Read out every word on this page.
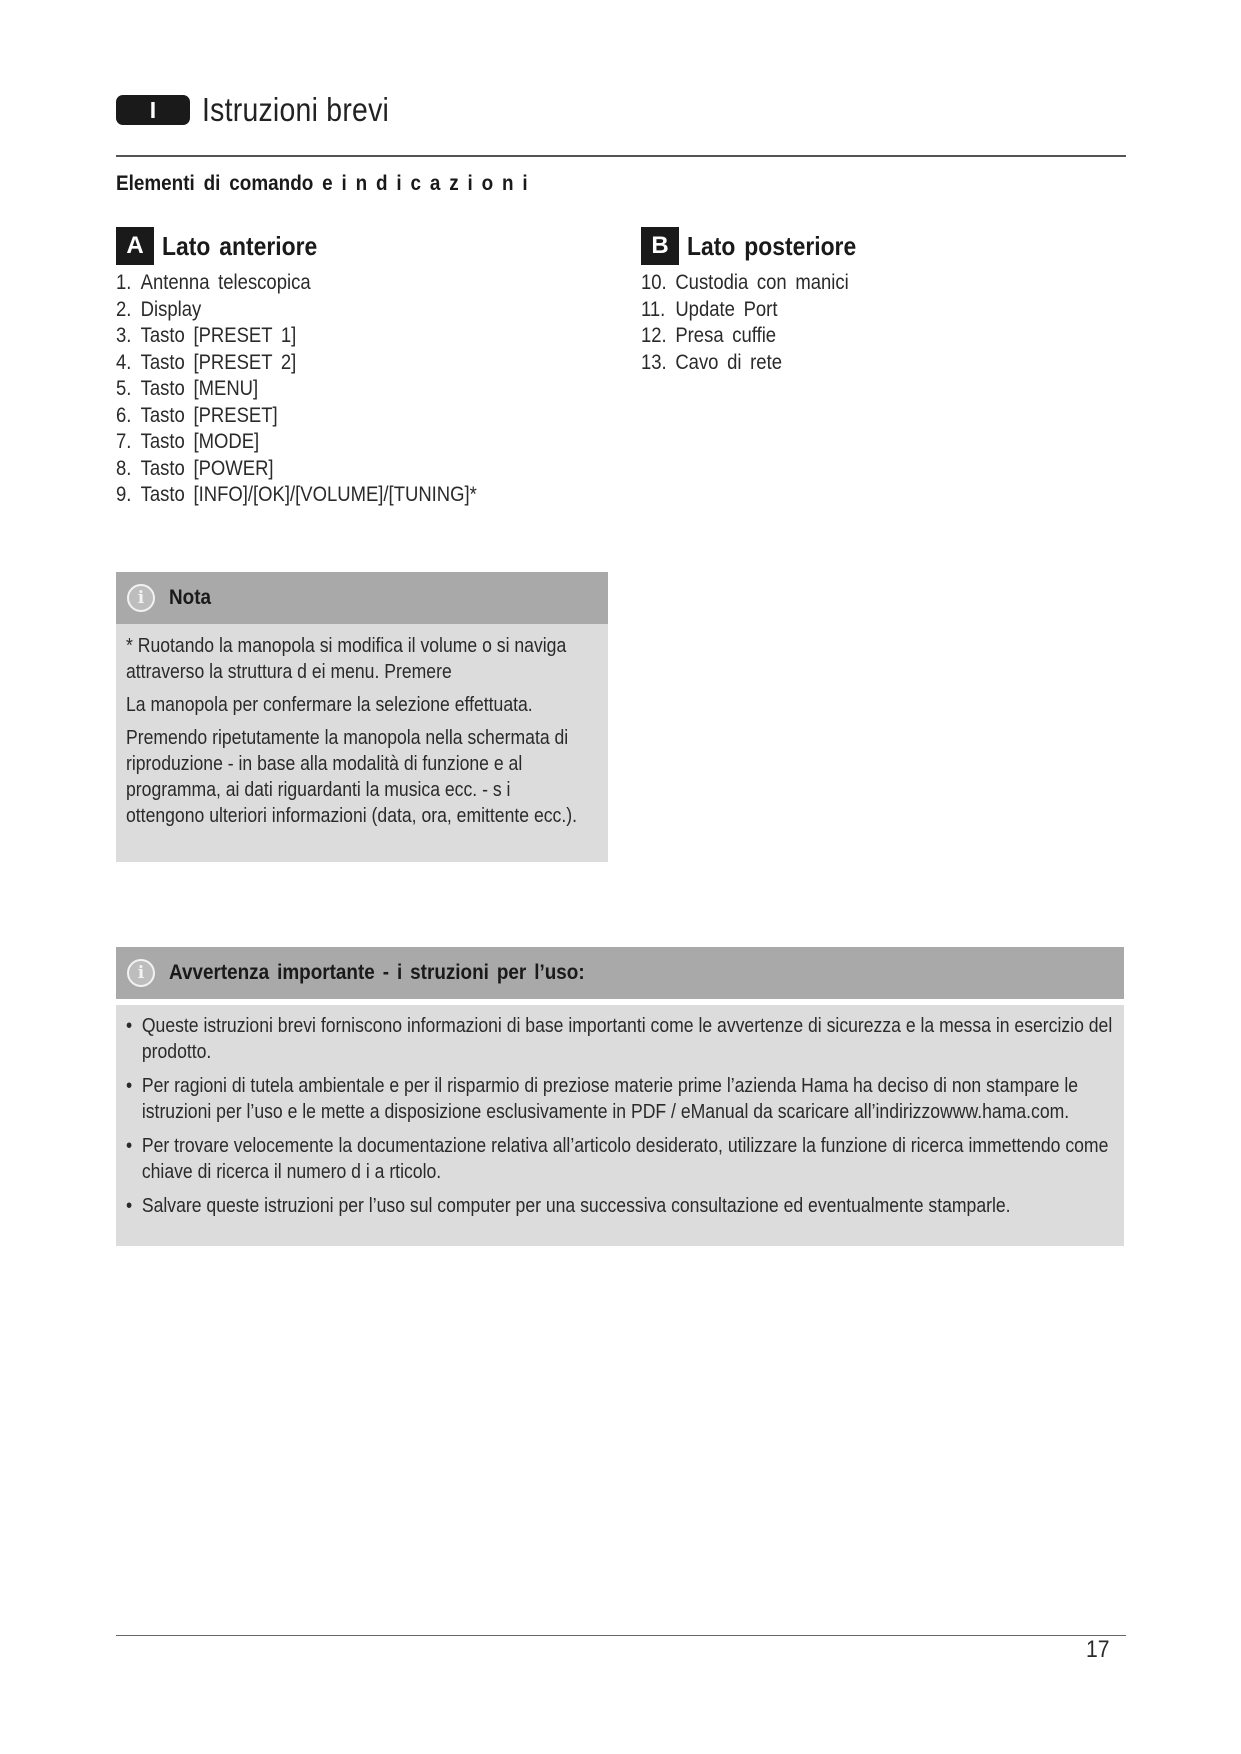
I	Istruzioni brevi
Elementi di comando e i n d i c a z i o n i
A Lato anteriore
1. Antenna telescopica
2. Display
3. Tasto [PRESET 1]
4. Tasto [PRESET 2]
5. Tasto [MENU]
6. Tasto [PRESET]
7. Tasto [MODE]
8. Tasto [POWER]
9. Tasto [INFO]/[OK]/[VOLUME]/[TUNING]*
B Lato posteriore
10. Custodia con manici
11. Update Port
12. Presa cuffie
13. Cavo di rete
i	Nota

* Ruotando la manopola si modifica il volume o si naviga attraverso la struttura d ei menu. Premere

La manopola per confermare la selezione effettuata.

Premendo ripetutamente la manopola nella schermata di riproduzione - in base alla modalità di funzione e al programma, ai dati riguardanti la musica ecc. - s i ottengono ulteriori informazioni (data, ora, emittente ecc.).

i	Avvertenza importante - i struzioni per l’uso:
• Queste istruzioni brevi forniscono informazioni di base importanti come le avvertenze di sicurezza e la messa in esercizio del prodotto.
• Per ragioni di tutela ambientale e per il risparmio di preziose materie prime l’azienda Hama ha deciso di non stampare le istruzioni per l’uso e le mette a disposizione esclusivamente in PDF / eManual da scaricare all’indirizzowww.hama.com.
• Per trovare velocemente la documentazione relativa all’articolo desiderato, utilizzare la funzione di ricerca immettendo come chiave di ricerca il numero d i a rticolo.
• Salvare queste istruzioni per l’uso sul computer per una successiva consultazione ed eventualmente stamparle.
17
